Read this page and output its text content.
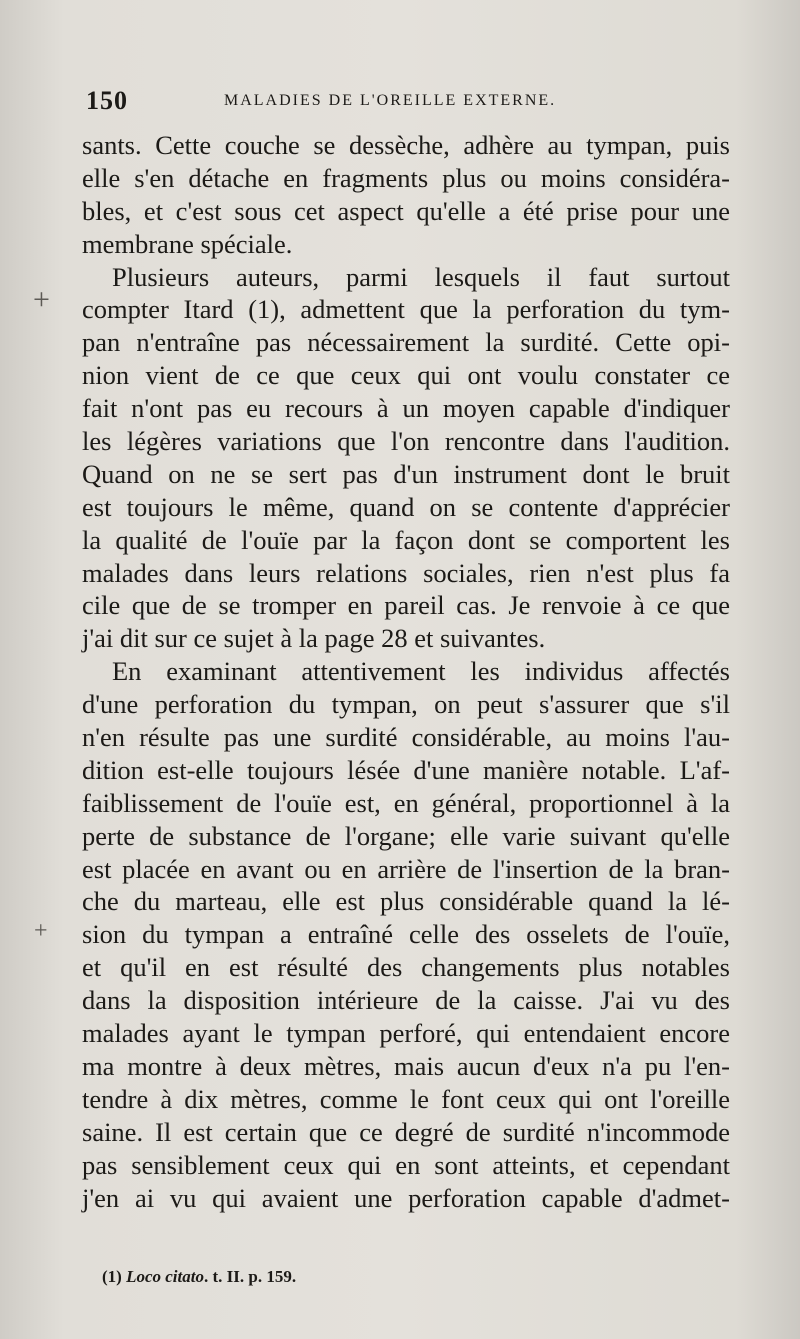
150	MALADIES DE L'OREILLE EXTERNE.
+
+
sants. Cette couche se dessèche, adhère au tympan, puis
elle s'en détache en fragments plus ou moins considéra-
bles, et c'est sous cet aspect qu'elle a été prise pour une
membrane spéciale.
Plusieurs auteurs, parmi lesquels il faut surtout
compter Itard (1), admettent que la perforation du tym-
pan n'entraîne pas nécessairement la surdité. Cette opi-
nion vient de ce que ceux qui ont voulu constater ce
fait n'ont pas eu recours à un moyen capable d'indiquer
les légères variations que l'on rencontre dans l'audition.
Quand on ne se sert pas d'un instrument dont le bruit
est toujours le même, quand on se contente d'apprécier
la qualité de l'ouïe par la façon dont se comportent les
malades dans leurs relations sociales, rien n'est plus fa
cile que de se tromper en pareil cas. Je renvoie à ce que
j'ai dit sur ce sujet à la page 28 et suivantes.
En examinant attentivement les individus affectés
d'une perforation du tympan, on peut s'assurer que s'il
n'en résulte pas une surdité considérable, au moins l'au-
dition est-elle toujours lésée d'une manière notable. L'af-
faiblissement de l'ouïe est, en général, proportionnel à la
perte de substance de l'organe; elle varie suivant qu'elle
est placée en avant ou en arrière de l'insertion de la bran-
che du marteau, elle est plus considérable quand la lé-
sion du tympan a entraîné celle des osselets de l'ouïe,
et qu'il en est résulté des changements plus notables
dans la disposition intérieure de la caisse. J'ai vu des
malades ayant le tympan perforé, qui entendaient encore
ma montre à deux mètres, mais aucun d'eux n'a pu l'en-
tendre à dix mètres, comme le font ceux qui ont l'oreille
saine. Il est certain que ce degré de surdité n'incommode
pas sensiblement ceux qui en sont atteints, et cependant
j'en ai vu qui avaient une perforation capable d'admet-
(1) Loco citato. t. II. p. 159.
